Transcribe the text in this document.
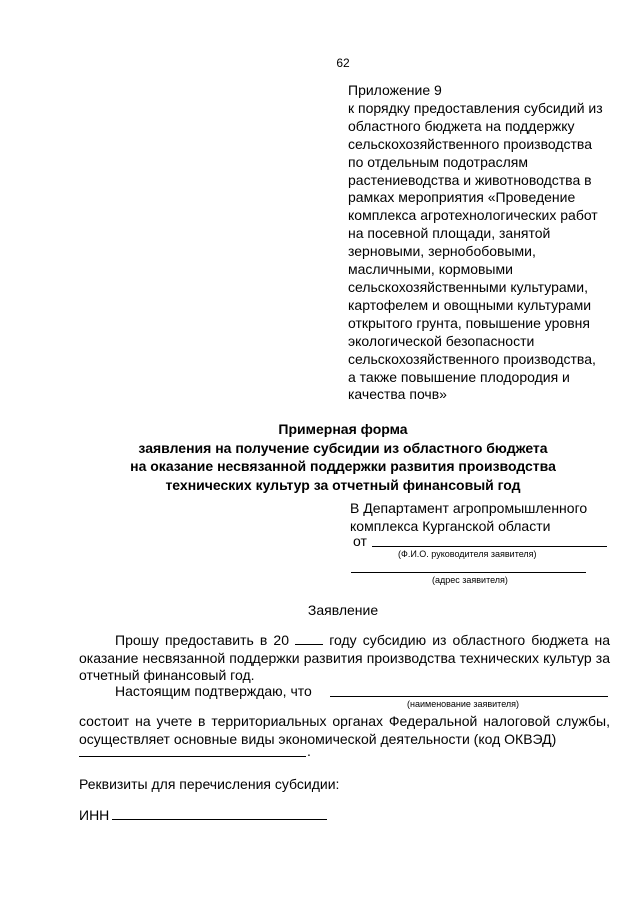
62
Приложение 9
к порядку предоставления субсидий из
областного бюджета на поддержку
сельскохозяйственного производства
по отдельным подотраслям
растениеводства и животноводства в
рамках мероприятия «Проведение
комплекса агротехнологических работ
на посевной площади, занятой
зерновыми, зернобобовыми,
масличными, кормовыми
сельскохозяйственными культурами,
картофелем и овощными культурами
открытого грунта, повышение уровня
экологической безопасности
сельскохозяйственного производства,
а также повышение плодородия и
качества почв»
Примерная форма
заявления на получение субсидии из областного бюджета
на оказание несвязанной поддержки развития производства
технических культур за отчетный финансовый год
В Департамент агропромышленного
комплекса Курганской области
от
(Ф.И.О. руководителя заявителя)
(адрес заявителя)
Заявление
Прошу предоставить в 20	году субсидию из областного бюджета на оказание несвязанной поддержки развития производства технических культур за отчетный финансовый год.
Настоящим подтверждаю, что
(наименование заявителя)
состоит на учете в территориальных органах Федеральной налоговой службы, осуществляет основные виды экономической деятельности (код ОКВЭД)
.
Реквизиты для перечисления субсидии:
ИНН
